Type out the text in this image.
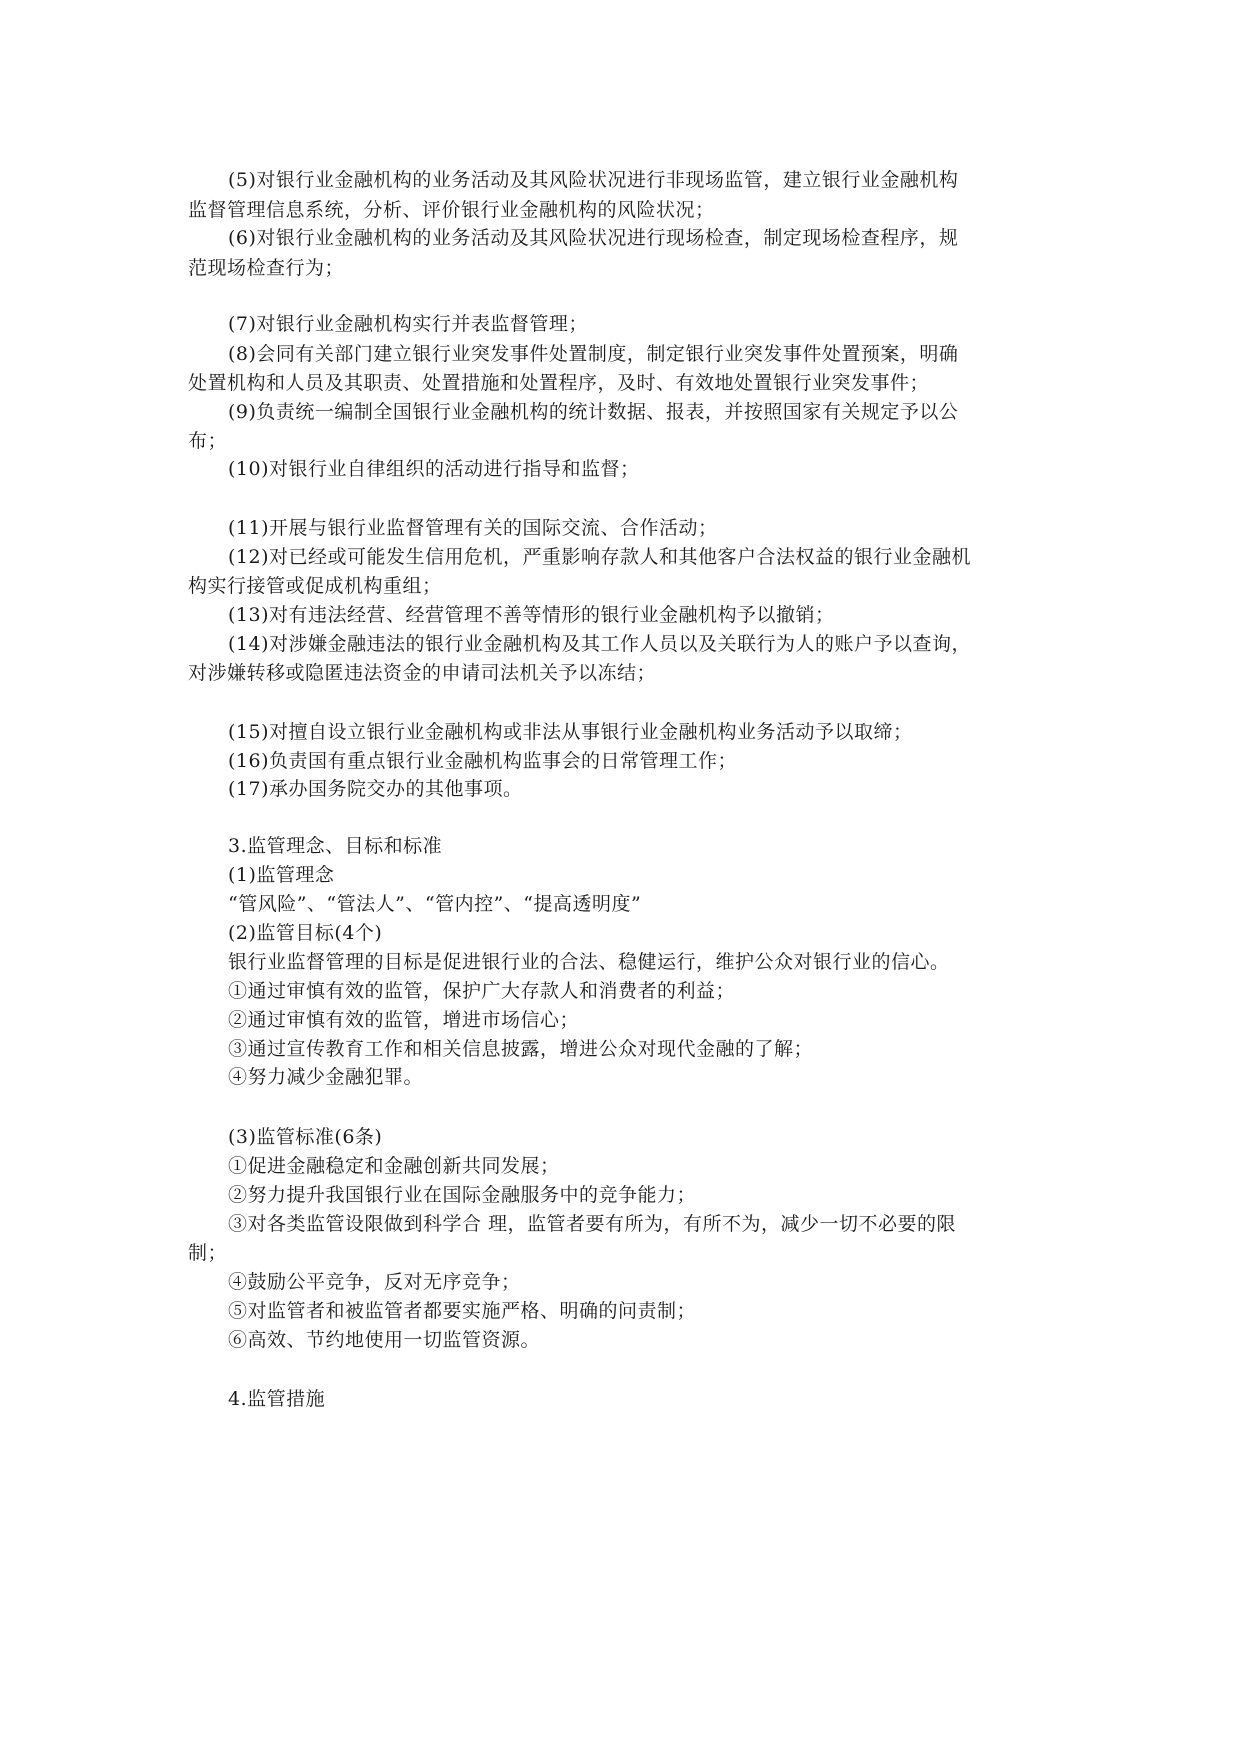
(5)对银行业金融机构的业务活动及其风险状况进行非现场监管，建立银行业金融机构
监督管理信息系统，分析、评价银行业金融机构的风险状况；
(6)对银行业金融机构的业务活动及其风险状况进行现场检查，制定现场检查程序，规
范现场检查行为；
(7)对银行业金融机构实行并表监督管理；
(8)会同有关部门建立银行业突发事件处置制度，制定银行业突发事件处置预案，明确
处置机构和人员及其职责、处置措施和处置程序，及时、有效地处置银行业突发事件；
(9)负责统一编制全国银行业金融机构的统计数据、报表，并按照国家有关规定予以公
布；
(10)对银行业自律组织的活动进行指导和监督；
(11)开展与银行业监督管理有关的国际交流、合作活动；
(12)对已经或可能发生信用危机，严重影响存款人和其他客户合法权益的银行业金融机
构实行接管或促成机构重组；
(13)对有违法经营、经营管理不善等情形的银行业金融机构予以撤销；
(14)对涉嫌金融违法的银行业金融机构及其工作人员以及关联行为人的账户予以查询，
对涉嫌转移或隐匿违法资金的申请司法机关予以冻结；
(15)对擅自设立银行业金融机构或非法从事银行业金融机构业务活动予以取缔；
(16)负责国有重点银行业金融机构监事会的日常管理工作；
(17)承办国务院交办的其他事项。
3.监管理念、目标和标准
(1)监管理念
“管风险”、“管法人”、“管内控”、“提高透明度”
(2)监管目标(4个)
银行业监督管理的目标是促进银行业的合法、稳健运行，维护公众对银行业的信心。
①通过审慎有效的监管，保护广大存款人和消费者的利益；
②通过审慎有效的监管，增进市场信心；
③通过宣传教育工作和相关信息披露，增进公众对现代金融的了解；
④努力减少金融犯罪。
(3)监管标准(6条)
①促进金融稳定和金融创新共同发展；
②努力提升我国银行业在国际金融服务中的竞争能力；
③对各类监管设限做到科学合 理，监管者要有所为，有所不为，减少一切不必要的限
制；
④鼓励公平竞争，反对无序竞争；
⑤对监管者和被监管者都要实施严格、明确的问责制；
⑥高效、节约地使用一切监管资源。
4.监管措施
